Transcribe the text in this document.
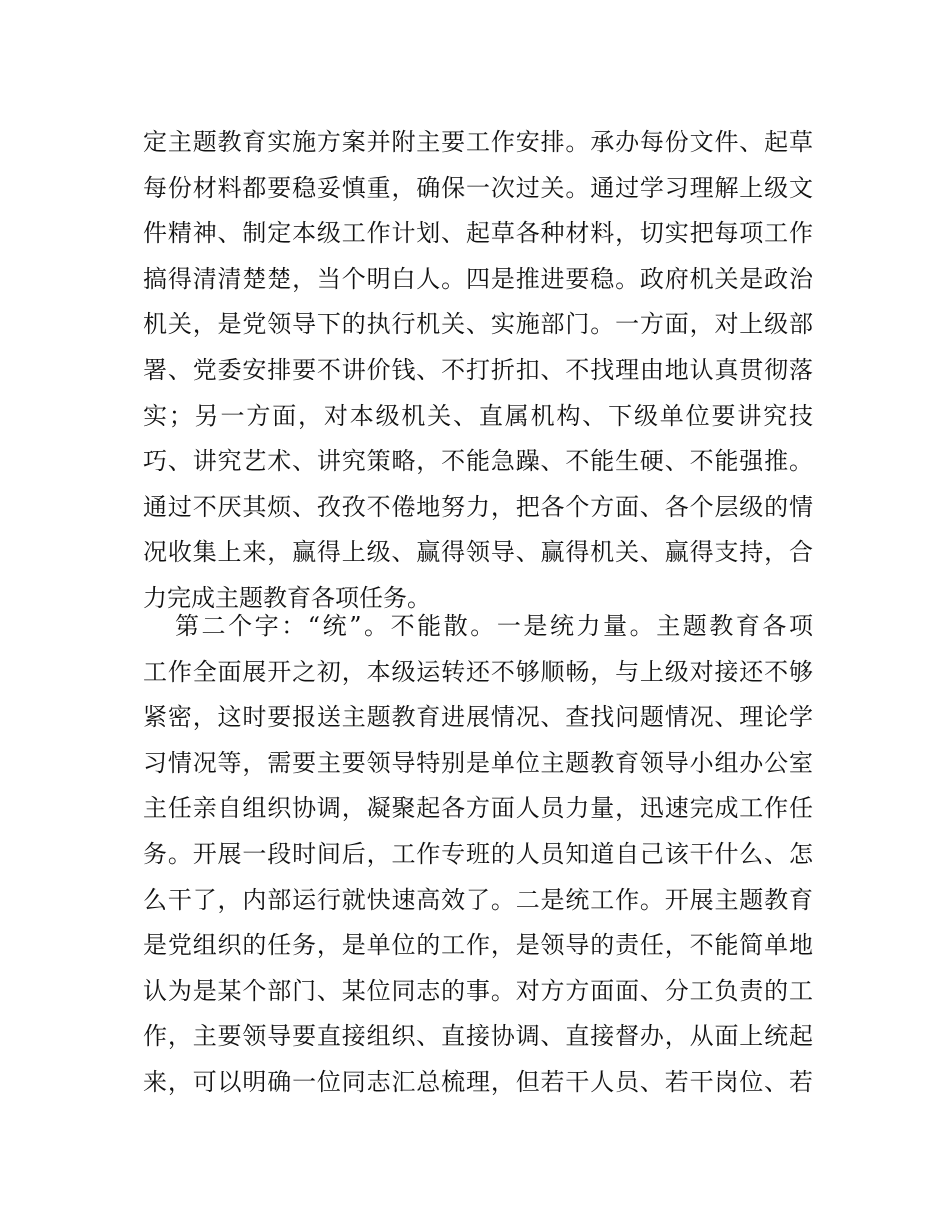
定主题教育实施方案并附主要工作安排。承办每份文件、起草
每份材料都要稳妥慎重，确保一次过关。通过学习理解上级文
件精神、制定本级工作计划、起草各种材料，切实把每项工作
搞得清清楚楚，当个明白人。四是推进要稳。政府机关是政治
机关，是党领导下的执行机关、实施部门。一方面，对上级部
署、党委安排要不讲价钱、不打折扣、不找理由地认真贯彻落
实；另一方面，对本级机关、直属机构、下级单位要讲究技
巧、讲究艺术、讲究策略，不能急躁、不能生硬、不能强推。
通过不厌其烦、孜孜不倦地努力，把各个方面、各个层级的情
况收集上来，赢得上级、赢得领导、赢得机关、赢得支持，合
力完成主题教育各项任务。
第二个字：“统”。不能散。一是统力量。主题教育各项
工作全面展开之初，本级运转还不够顺畅，与上级对接还不够
紧密，这时要报送主题教育进展情况、查找问题情况、理论学
习情况等，需要主要领导特别是单位主题教育领导小组办公室
主任亲自组织协调，凝聚起各方面人员力量，迅速完成工作任
务。开展一段时间后，工作专班的人员知道自己该干什么、怎
么干了，内部运行就快速高效了。二是统工作。开展主题教育
是党组织的任务，是单位的工作，是领导的责任，不能简单地
认为是某个部门、某位同志的事。对方方面面、分工负责的工
作，主要领导要直接组织、直接协调、直接督办，从面上统起
来，可以明确一位同志汇总梳理，但若干人员、若干岗位、若
